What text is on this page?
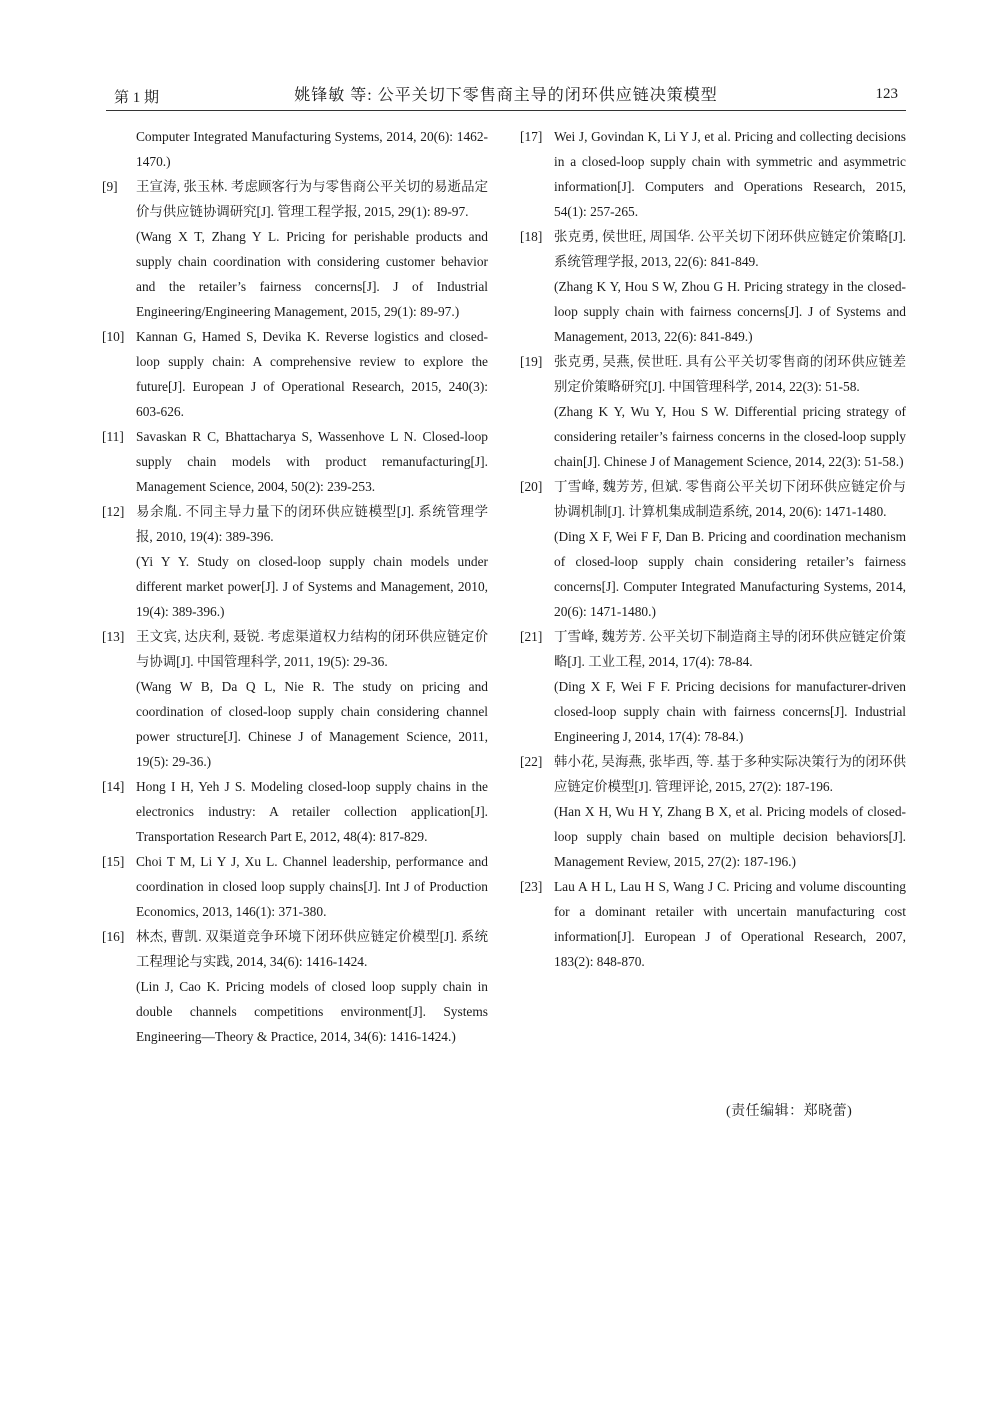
第 1 期	姚锋敏 等: 公平关切下零售商主导的闭环供应链决策模型	123
Computer Integrated Manufacturing Systems, 2014, 20(6): 1462-1470.)
[9] 王宣涛, 张玉林. 考虑顾客行为与零售商公平关切的易逝品定价与供应链协调研究[J]. 管理工程学报, 2015, 29(1): 89-97.
(Wang X T, Zhang Y L. Pricing for perishable products and supply chain coordination with considering customer behavior and the retailer’s fairness concerns[J]. J of Industrial Engineering/Engineering Management, 2015, 29(1): 89-97.)
[10] Kannan G, Hamed S, Devika K. Reverse logistics and closed-loop supply chain: A comprehensive review to explore the future[J]. European J of Operational Research, 2015, 240(3): 603-626.
[11] Savaskan R C, Bhattacharya S, Wassenhove L N. Closed-loop supply chain models with product remanufacturing[J]. Management Science, 2004, 50(2): 239-253.
[12] 易余胤. 不同主导力量下的闭环供应链模型[J]. 系统管理学报, 2010, 19(4): 389-396.
(Yi Y Y. Study on closed-loop supply chain models under different market power[J]. J of Systems and Management, 2010, 19(4): 389-396.)
[13] 王文宾, 达庆利, 聂锐. 考虑渠道权力结构的闭环供应链定价与协调[J]. 中国管理科学, 2011, 19(5): 29-36.
(Wang W B, Da Q L, Nie R. The study on pricing and coordination of closed-loop supply chain considering channel power structure[J]. Chinese J of Management Science, 2011, 19(5): 29-36.)
[14] Hong I H, Yeh J S. Modeling closed-loop supply chains in the electronics industry: A retailer collection application[J]. Transportation Research Part E, 2012, 48(4): 817-829.
[15] Choi T M, Li Y J, Xu L. Channel leadership, performance and coordination in closed loop supply chains[J]. Int J of Production Economics, 2013, 146(1): 371-380.
[16] 林杰, 曹凯. 双渠道竞争环境下闭环供应链定价模型[J]. 系统工程理论与实践, 2014, 34(6): 1416-1424.
(Lin J, Cao K. Pricing models of closed loop supply chain in double channels competitions environment[J]. Systems Engineering—Theory & Practice, 2014, 34(6): 1416-1424.)
[17] Wei J, Govindan K, Li Y J, et al. Pricing and collecting decisions in a closed-loop supply chain with symmetric and asymmetric information[J]. Computers and Operations Research, 2015, 54(1): 257-265.
[18] 张克勇, 侯世旺, 周国华. 公平关切下闭环供应链定价策略[J]. 系统管理学报, 2013, 22(6): 841-849.
(Zhang K Y, Hou S W, Zhou G H. Pricing strategy in the closed-loop supply chain with fairness concerns[J]. J of Systems and Management, 2013, 22(6): 841-849.)
[19] 张克勇, 吴燕, 侯世旺. 具有公平关切零售商的闭环供应链差别定价策略研究[J]. 中国管理科学, 2014, 22(3): 51-58.
(Zhang K Y, Wu Y, Hou S W. Differential pricing strategy of considering retailer’s fairness concerns in the closed-loop supply chain[J]. Chinese J of Management Science, 2014, 22(3): 51-58.)
[20] 丁雪峰, 魏芳芳, 但斌. 零售商公平关切下闭环供应链定价与协调机制[J]. 计算机集成制造系统, 2014, 20(6): 1471-1480.
(Ding X F, Wei F F, Dan B. Pricing and coordination mechanism of closed-loop supply chain considering retailer’s fairness concerns[J]. Computer Integrated Manufacturing Systems, 2014, 20(6): 1471-1480.)
[21] 丁雪峰, 魏芳芳. 公平关切下制造商主导的闭环供应链定价策略[J]. 工业工程, 2014, 17(4): 78-84.
(Ding X F, Wei F F. Pricing decisions for manufacturer-driven closed-loop supply chain with fairness concerns[J]. Industrial Engineering J, 2014, 17(4): 78-84.)
[22] 韩小花, 吴海燕, 张毕西, 等. 基于多种实际决策行为的闭环供应链定价模型[J]. 管理评论, 2015, 27(2): 187-196.
(Han X H, Wu H Y, Zhang B X, et al. Pricing models of closed-loop supply chain based on multiple decision behaviors[J]. Management Review, 2015, 27(2): 187-196.)
[23] Lau A H L, Lau H S, Wang J C. Pricing and volume discounting for a dominant retailer with uncertain manufacturing cost information[J]. European J of Operational Research, 2007, 183(2): 848-870.
(责任编辑：郑晓蕾)
